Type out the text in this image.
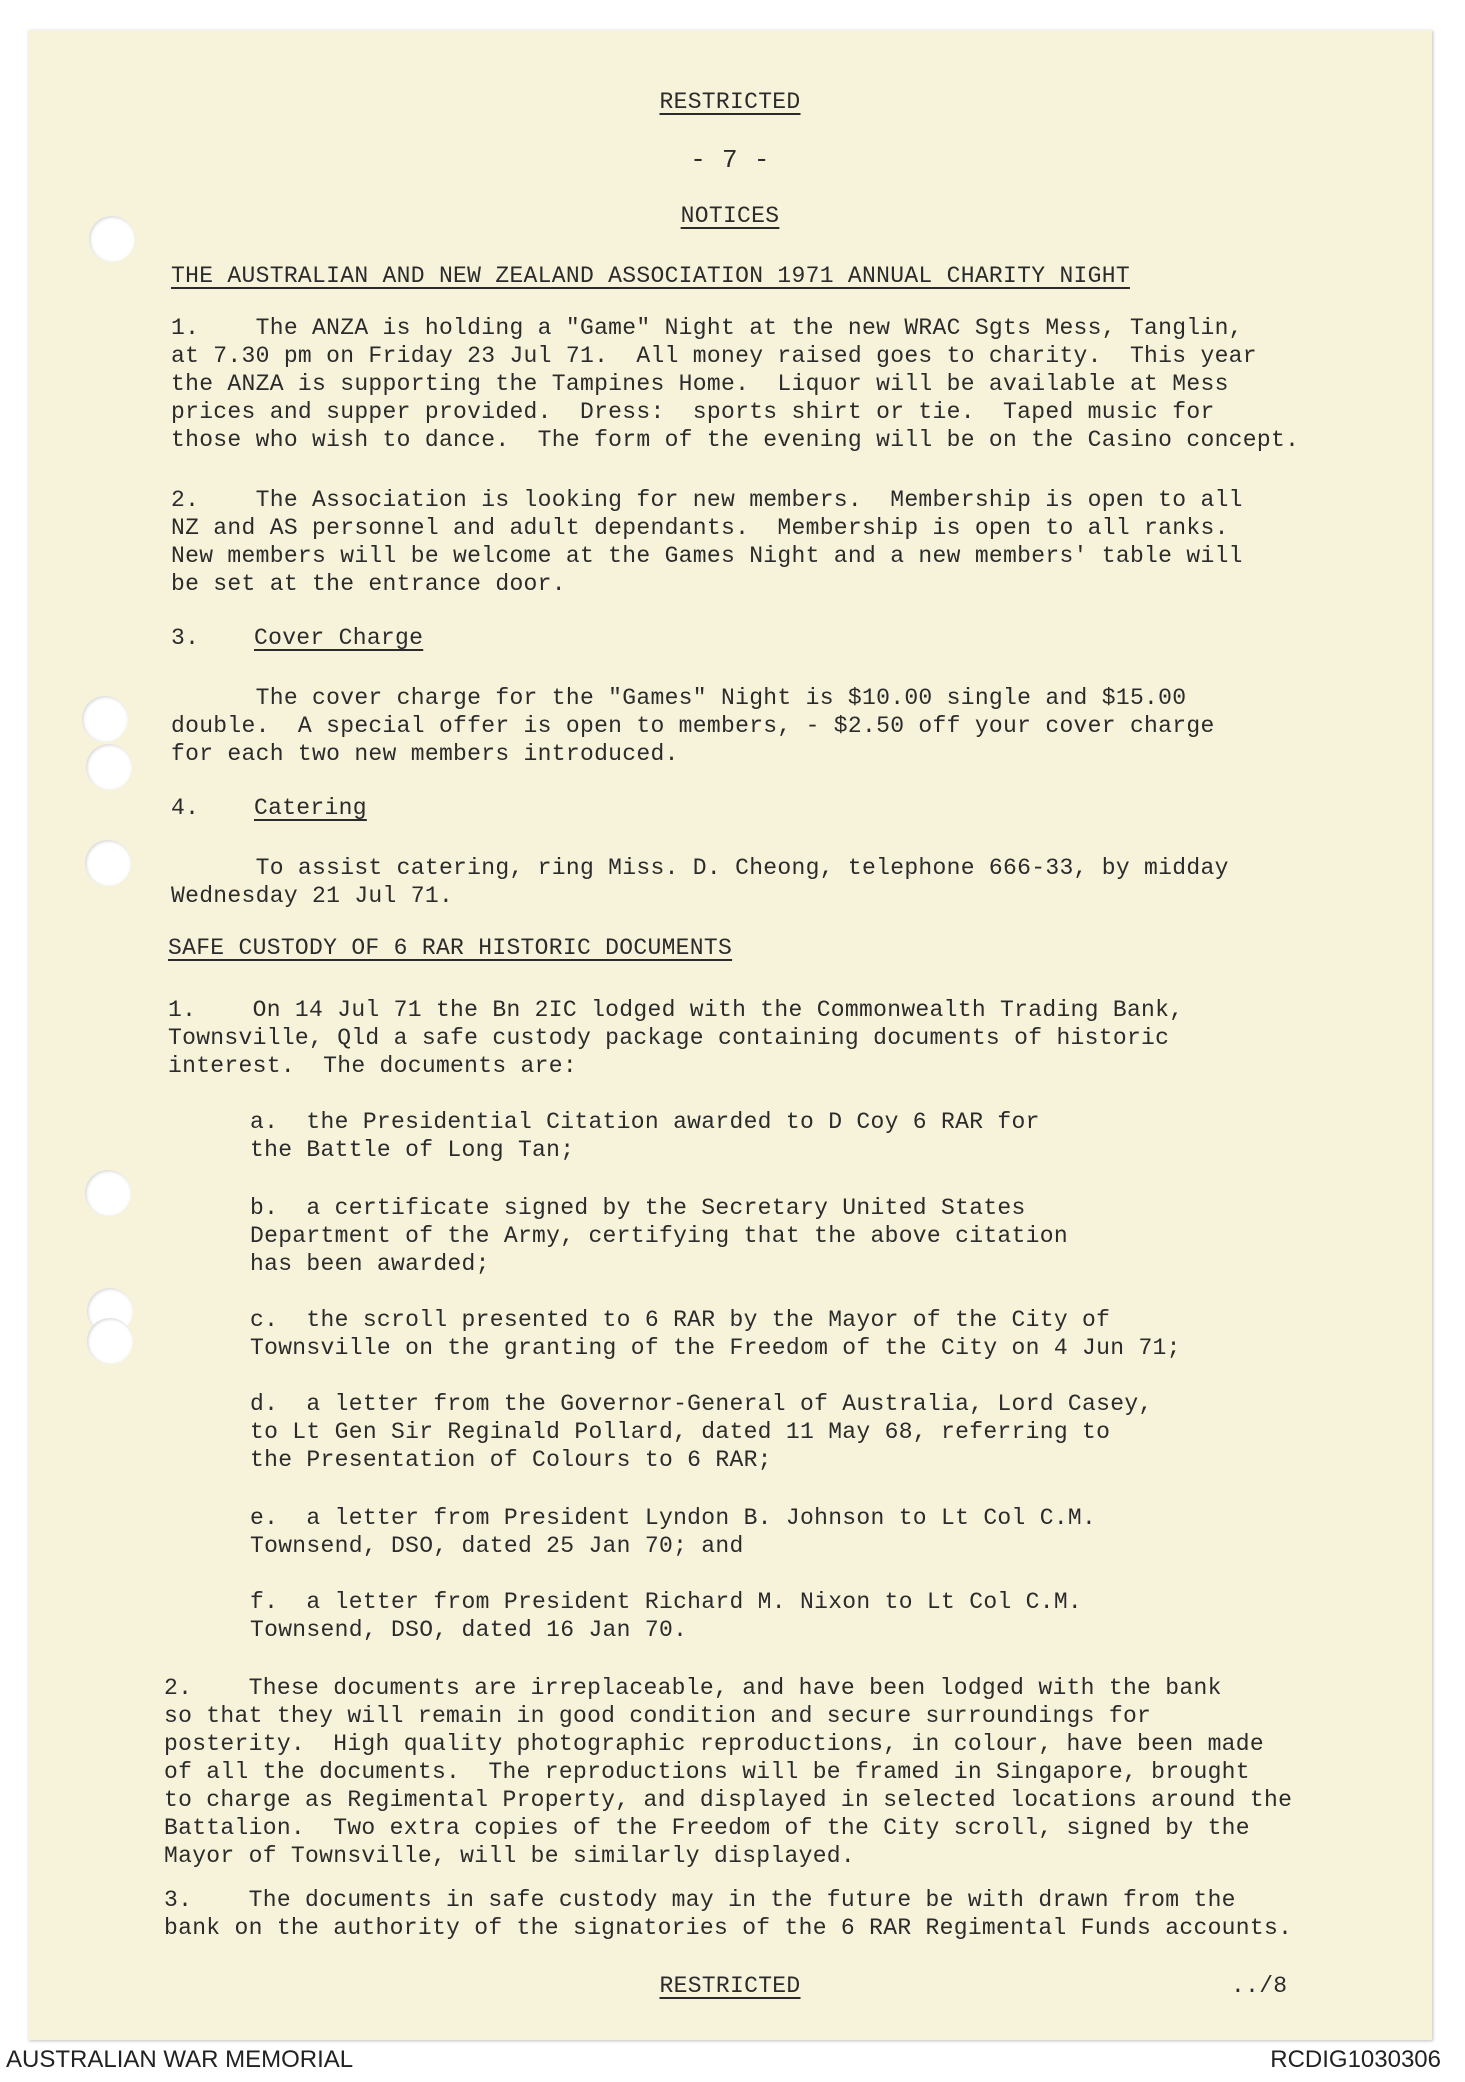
RESTRICTED

- 7 -

NOTICES

THE AUSTRALIAN AND NEW ZEALAND ASSOCIATION 1971 ANNUAL CHARITY NIGHT

1.    The ANZA is holding a "Game" Night at the new WRAC Sgts Mess, Tanglin,
at 7.30 pm on Friday 23 Jul 71.  All money raised goes to charity.  This year
the ANZA is supporting the Tampines Home.  Liquor will be available at Mess
prices and supper provided.  Dress:  sports shirt or tie.  Taped music for
those who wish to dance.  The form of the evening will be on the Casino concept.

2.    The Association is looking for new members.  Membership is open to all
NZ and AS personnel and adult dependants.  Membership is open to all ranks.
New members will be welcome at the Games Night and a new members' table will
be set at the entrance door.

3. Cover Charge

The cover charge for the "Games" Night is $10.00 single and $15.00
double.  A special offer is open to members, - $2.50 off your cover charge
for each two new members introduced.

4. Catering

To assist catering, ring Miss. D. Cheong, telephone 666-33, by midday
Wednesday 21 Jul 71.

SAFE CUSTODY OF 6 RAR HISTORIC DOCUMENTS

1.    On 14 Jul 71 the Bn 2IC lodged with the Commonwealth Trading Bank,
Townsville, Qld a safe custody package containing documents of historic
interest.  The documents are:

a.  the Presidential Citation awarded to D Coy 6 RAR for
the Battle of Long Tan;

b.  a certificate signed by the Secretary United States
Department of the Army, certifying that the above citation
has been awarded;

c.  the scroll presented to 6 RAR by the Mayor of the City of
Townsville on the granting of the Freedom of the City on 4 Jun 71;

d.  a letter from the Governor-General of Australia, Lord Casey,
to Lt Gen Sir Reginald Pollard, dated 11 May 68, referring to
the Presentation of Colours to 6 RAR;

e.  a letter from President Lyndon B. Johnson to Lt Col C.M.
Townsend, DSO, dated 25 Jan 70; and

f.  a letter from President Richard M. Nixon to Lt Col C.M.
Townsend, DSO, dated 16 Jan 70.

2.    These documents are irreplaceable, and have been lodged with the bank
so that they will remain in good condition and secure surroundings for
posterity.  High quality photographic reproductions, in colour, have been made
of all the documents.  The reproductions will be framed in Singapore, brought
to charge as Regimental Property, and displayed in selected locations around the
Battalion.  Two extra copies of the Freedom of the City scroll, signed by the
Mayor of Townsville, will be similarly displayed.

3.    The documents in safe custody may in the future be with drawn from the
bank on the authority of the signatories of the 6 RAR Regimental Funds accounts.

RESTRICTED	../8

AUSTRALIAN WAR MEMORIAL	RCDIG1030306
